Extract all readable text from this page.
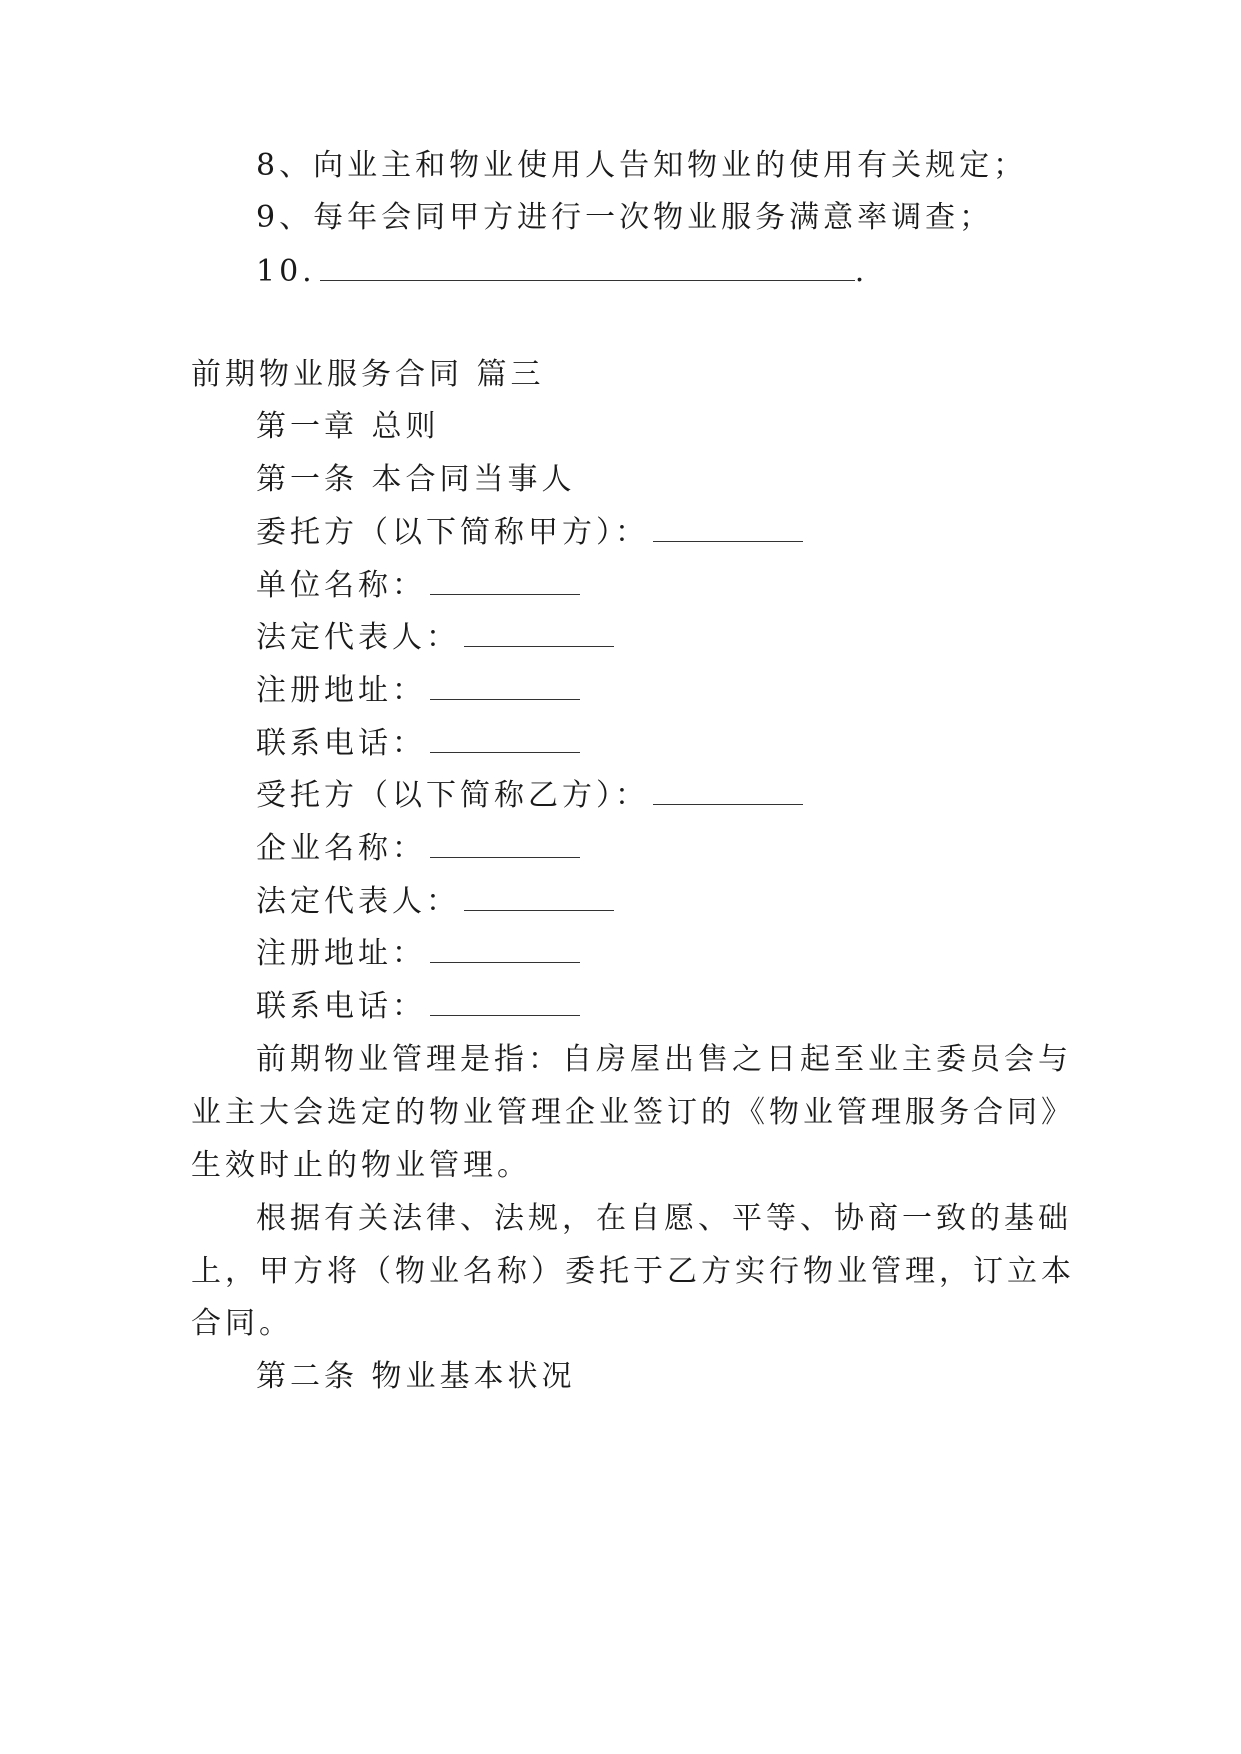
8、向业主和物业使用人告知物业的使用有关规定；
9、每年会同甲方进行一次物业服务满意率调查；
10.	.
前期物业服务合同 篇三
第一章 总则
第一条 本合同当事人
委托方（以下简称甲方）：
单位名称：
法定代表人：
注册地址：
联系电话：
受托方（以下简称乙方）：
企业名称：
法定代表人：
注册地址：
联系电话：
前期物业管理是指：自房屋出售之日起至业主委员会与
业主大会选定的物业管理企业签订的《物业管理服务合同》
生效时止的物业管理。
根据有关法律、法规，在自愿、平等、协商一致的基础
上，甲方将（物业名称）委托于乙方实行物业管理，订立本
合同。
第二条 物业基本状况
